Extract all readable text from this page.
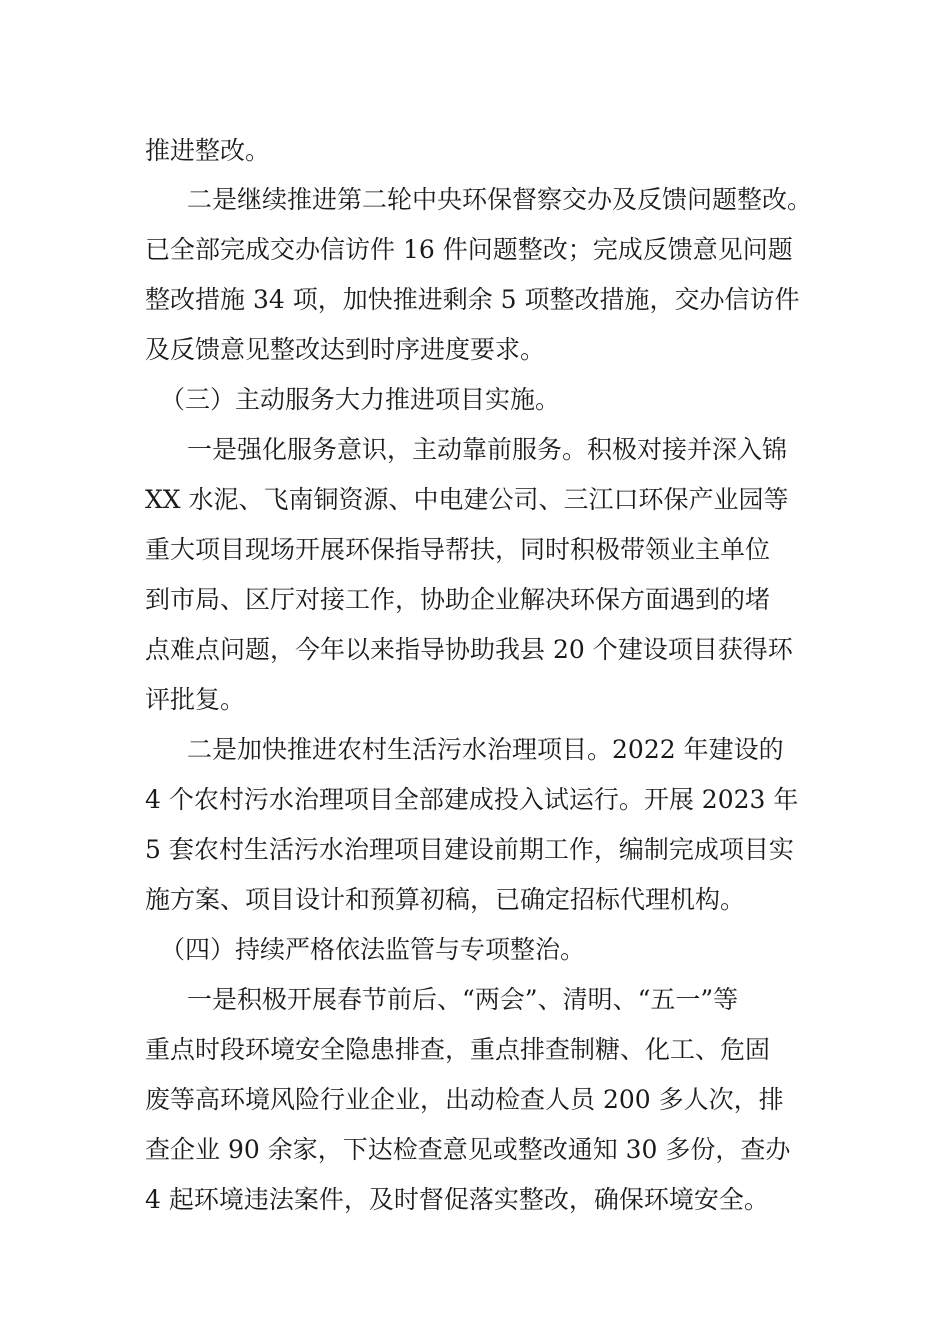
推进整改。
二是继续推进第二轮中央环保督察交办及反馈问题整改。
已全部完成交办信访件 16 件问题整改；完成反馈意见问题
整改措施 34 项，加快推进剩余 5 项整改措施，交办信访件
及反馈意见整改达到时序进度要求。
（三）主动服务大力推进项目实施。
一是强化服务意识，主动靠前服务。积极对接并深入锦
XX 水泥、飞南铜资源、中电建公司、三江口环保产业园等
重大项目现场开展环保指导帮扶，同时积极带领业主单位
到市局、区厅对接工作，协助企业解决环保方面遇到的堵
点难点问题，今年以来指导协助我县 20 个建设项目获得环
评批复。
二是加快推进农村生活污水治理项目。2022 年建设的
4 个农村污水治理项目全部建成投入试运行。开展 2023 年
5 套农村生活污水治理项目建设前期工作，编制完成项目实
施方案、项目设计和预算初稿，已确定招标代理机构。
（四）持续严格依法监管与专项整治。
一是积极开展春节前后、“两会”、清明、“五一”等
重点时段环境安全隐患排查，重点排查制糖、化工、危固
废等高环境风险行业企业，出动检查人员 200 多人次，排
查企业 90 余家，下达检查意见或整改通知 30 多份，查办
4 起环境违法案件，及时督促落实整改，确保环境安全。
